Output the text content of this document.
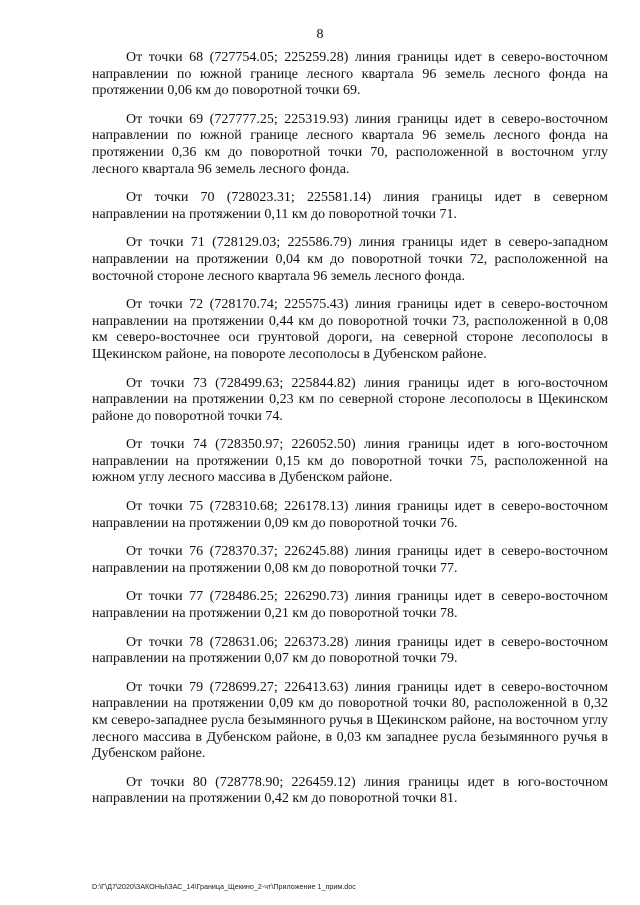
8

От точки 68 (727754.05; 225259.28) линия границы идет в северо-восточном направлении по южной границе лесного квартала 96 земель лесного фонда на протяжении 0,06 км до поворотной точки 69.

От точки 69 (727777.25; 225319.93) линия границы идет в северо-восточном направлении по южной границе лесного квартала 96 земель лесного фонда на протяжении 0,36 км до поворотной точки 70, расположенной в восточном углу лесного квартала 96 земель лесного фонда.

От точки 70 (728023.31; 225581.14) линия границы идет в северном направлении на протяжении 0,11 км до поворотной точки 71.

От точки 71 (728129.03; 225586.79) линия границы идет в северо-западном направлении на протяжении 0,04 км до поворотной точки 72, расположенной на восточной стороне лесного квартала 96 земель лесного фонда.

От точки 72 (728170.74; 225575.43) линия границы идет в северо-восточном направлении на протяжении 0,44 км до поворотной точки 73, расположенной в 0,08 км северо-восточнее оси грунтовой дороги, на северной стороне лесополосы в Щекинском районе, на повороте лесополосы в Дубенском районе.

От точки 73 (728499.63; 225844.82) линия границы идет в юго-восточном направлении на протяжении 0,23 км по северной стороне лесополосы в Щекинском районе до поворотной точки 74.

От точки 74 (728350.97; 226052.50) линия границы идет в юго-восточном направлении на протяжении 0,15 км до поворотной точки 75, расположенной на южном углу лесного массива в Дубенском районе.

От точки 75 (728310.68; 226178.13) линия границы идет в северо-восточном направлении на протяжении 0,09 км до поворотной точки 76.

От точки 76 (728370.37; 226245.88) линия границы идет в северо-восточном направлении на протяжении 0,08 км до поворотной точки 77.

От точки 77 (728486.25; 226290.73) линия границы идет в северо-восточном направлении на протяжении 0,21 км до поворотной точки 78.

От точки 78 (728631.06; 226373.28) линия границы идет в северо-восточном направлении на протяжении 0,07 км до поворотной точки 79.

От точки 79 (728699.27; 226413.63) линия границы идет в северо-восточном направлении на протяжении 0,09 км до поворотной точки 80, расположенной в 0,32 км северо-западнее русла безымянного ручья в Щекинском районе, на восточном углу лесного массива в Дубенском районе, в 0,03 км западнее русла безымянного ручья в Дубенском районе.

От точки 80 (728778.90; 226459.12) линия границы идет в юго-восточном направлении на протяжении 0,42 км до поворотной точки 81.

D:\Г\Д7\2020\ЗАКОНЫ\ЗАС_14\Граница_Щекино_2-чт\Приложение 1_прим.doc
